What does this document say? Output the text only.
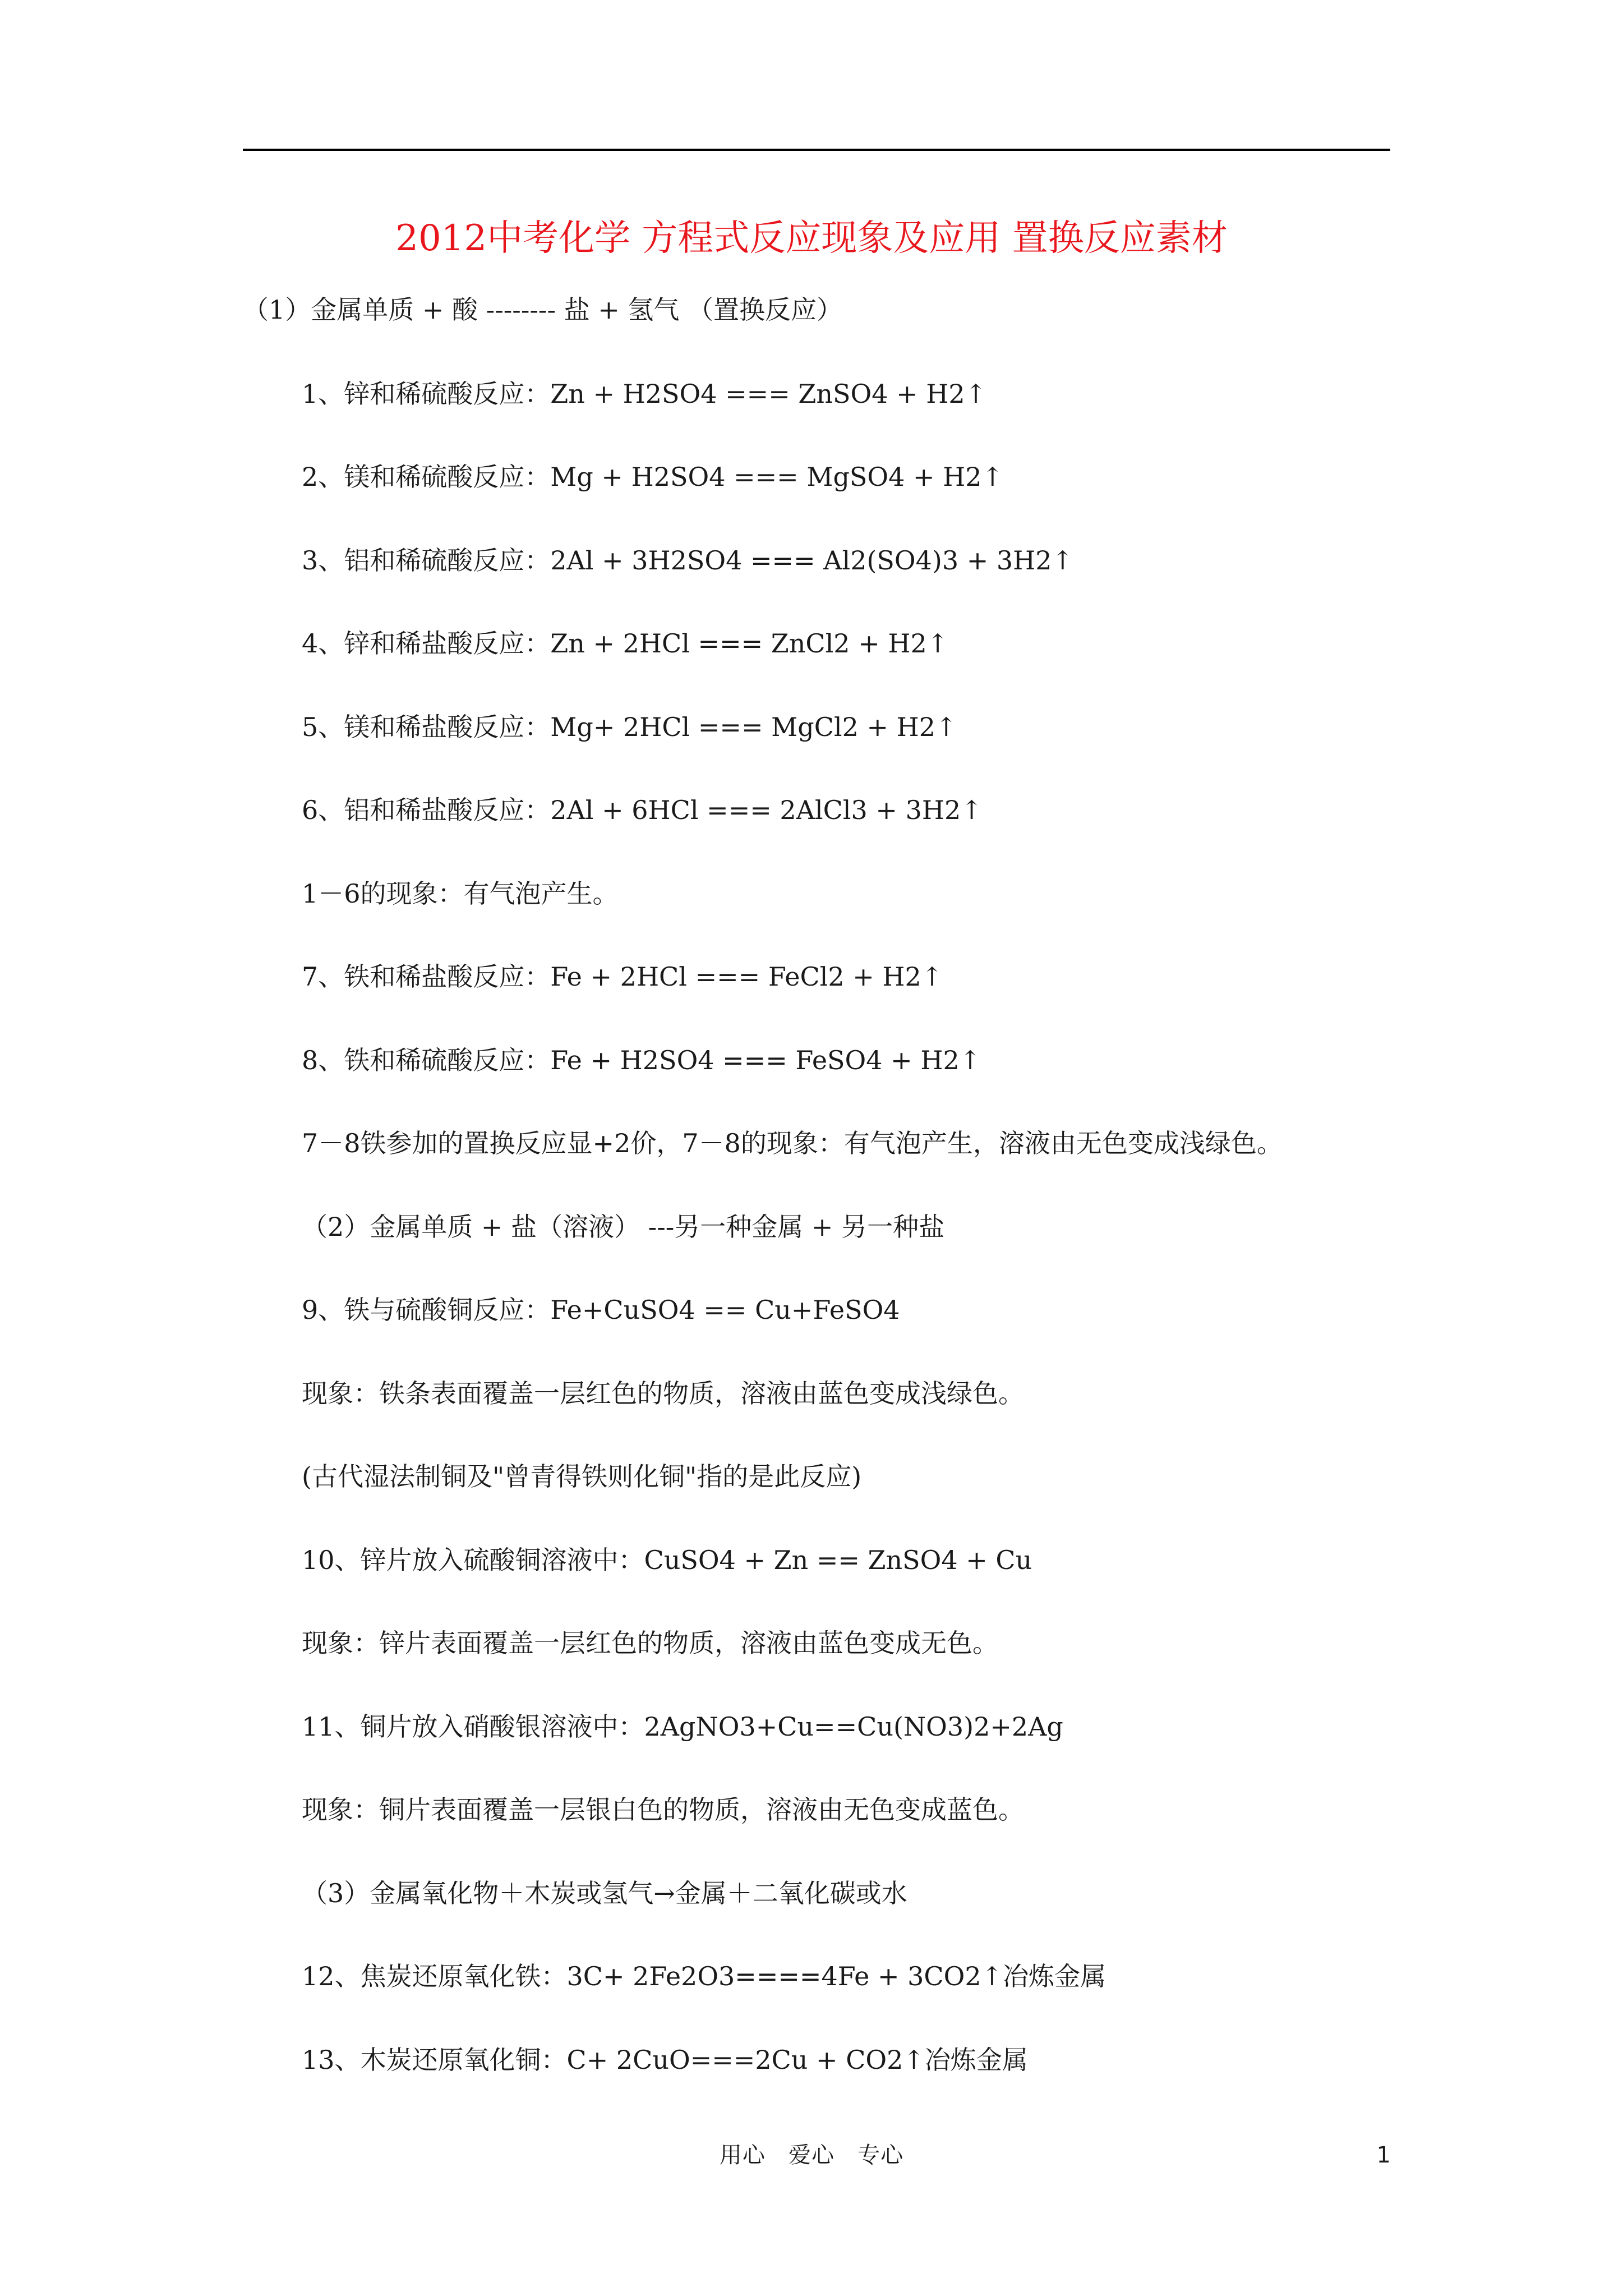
2012中考化学 方程式反应现象及应用 置换反应素材
（1）金属单质 + 酸 -------- 盐 + 氢气 （置换反应）
1、锌和稀硫酸反应：Zn + H2SO4 === ZnSO4 + H2↑
2、镁和稀硫酸反应：Mg + H2SO4 === MgSO4 + H2↑
3、铝和稀硫酸反应：2Al + 3H2SO4 === Al2(SO4)3 + 3H2↑
4、锌和稀盐酸反应：Zn + 2HCl === ZnCl2 + H2↑
5、镁和稀盐酸反应：Mg+ 2HCl === MgCl2 + H2↑
6、铝和稀盐酸反应：2Al + 6HCl === 2AlCl3 + 3H2↑
1－6的现象：有气泡产生。
7、铁和稀盐酸反应：Fe + 2HCl === FeCl2 + H2↑
8、铁和稀硫酸反应：Fe + H2SO4 === FeSO4 + H2↑
7－8铁参加的置换反应显+2价，7－8的现象：有气泡产生，溶液由无色变成浅绿色。
（2）金属单质 + 盐（溶液） ---另一种金属 + 另一种盐
9、铁与硫酸铜反应：Fe+CuSO4 == Cu+FeSO4
现象：铁条表面覆盖一层红色的物质，溶液由蓝色变成浅绿色。
(古代湿法制铜及"曾青得铁则化铜"指的是此反应)
10、锌片放入硫酸铜溶液中：CuSO4 + Zn == ZnSO4 + Cu
现象：锌片表面覆盖一层红色的物质，溶液由蓝色变成无色。
11、铜片放入硝酸银溶液中：2AgNO3+Cu==Cu(NO3)2+2Ag
现象：铜片表面覆盖一层银白色的物质，溶液由无色变成蓝色。
（3）金属氧化物＋木炭或氢气→金属＋二氧化碳或水
12、焦炭还原氧化铁：3C+ 2Fe2O3====4Fe + 3CO2↑冶炼金属
13、木炭还原氧化铜：C+ 2CuO===2Cu + CO2↑冶炼金属
用心   爱心   专心	1
